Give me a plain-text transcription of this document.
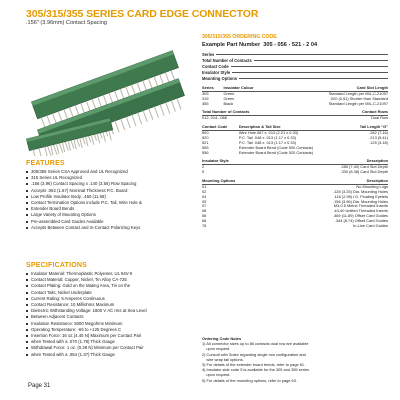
305/315/355 SERIES CARD EDGE CONNECTOR
.156" (3.96mm) Contact Spacing
305/315/355 ORDERING CODE
Example Part Number 305 - 056 - 521 - 2 04
Series
Total Number of Contacts
Contact Code
Insulator Style
Mounting Options
Series	Insulator Colour	Card Slot Length
305	Green	Standard Length per MIL-C-21097
315	Green	.020 (0.51) Shorter than Standard
355	Black	Standard Length per MIL-C-21097
Total Number of Contacts	Contact Rows
012, 014...086	Dual Row
Contact Code	Description & Tail Size	Tail Length "G"
500	Wire Hole.087 x .013 (2.21 x 0.33)	.282 (7.16)
520	P.C. Tail .048 x .013 (1.17 x 0.33)	.213 (5.41)
521	P.C. Tail .048 x .013 (1.17 x 0.33)	.125 (3.18)
555	Extender Board Bend (Code 500 Contacts)	
556	Extender Board Bend (Code 520 Contacts)	
Insulator Style	Description
2	.285 (7.40) Card Slot Depth
5	.330 (8.38) Card Slot Depth
Mounting Options	Description
01	No Mounting Lugs
02	.128 (3.25) Dia. Mounting Holes
04	.116 (2.95) I.D. Floating Eyelets
05	.156 (3.96) Dia. Mounting Holes
07	M3-0.5 Metric Threaded Inserts
08	#4-40 Unified Threaded Inserts
56	.469 (11.89) Offset Card Guides
68	.344 (8.74) Offset Card Guides
76	In-Line Card Guides
FEATURES
305/355 Series CSA Approved and UL Recognized
315 Series UL Recognized
.156 (3.96) Contact Spacing x .140 (3.56) Row Spacing
Accepts .062 (1.57) Nominal Thickness P.C. Board
Low Profile Insulator Body, .460 (11.68)
Contact Termination Options include P.C. Tail, Wire Hole &
Extender Board Bends
Large Variety of Mounting Options
Pre-assembled Card Guides Available
Accepts Between Contact and In-Contact Polarizing Keys
SPECIFICATIONS
Insulator Material: Thermoplastic Polyester, UL 94V-0
Contact Material: Copper, Nickel, Tin Alloy CA-725
Contact Plating: Gold on the Mating Area, Tin on the
Contact Tails, Nickel Underplate
Current Rating: 5 Amperes Continuous
Contact Resistance: 10 Milliohms Maximum
Dielectric Withstanding Voltage: 1800 V AC rms at Sea Level
Between Adjacent Contacts
Insulation Resistance: 5000 Megohms Minimum
Operating Temperature: -65 to +125 Degrees C
Insertion Force: 16 oz.(4.45 N) Maximum per Contact Pair
when Tested with a .070 (1.78) Thick Gauge
Withdrawal Force: 1 oz. (0.28 N) Minimum per Contact Pair
when Tested with a .054 (1.37) Thick Gauge
Ordering Code Notes
1) All connector sizes up to 86 contacts dual row are available
upon request.
2) Consult with Sotec regarding single row configuration and
wire wrap tail options.
3) For details of the extender board bends, refer to page 61.
4) Insulator side code 5 is available for the 305 and 355 series
upon request.
5) For details of the mounting options, refer to page 63.
Page 31
